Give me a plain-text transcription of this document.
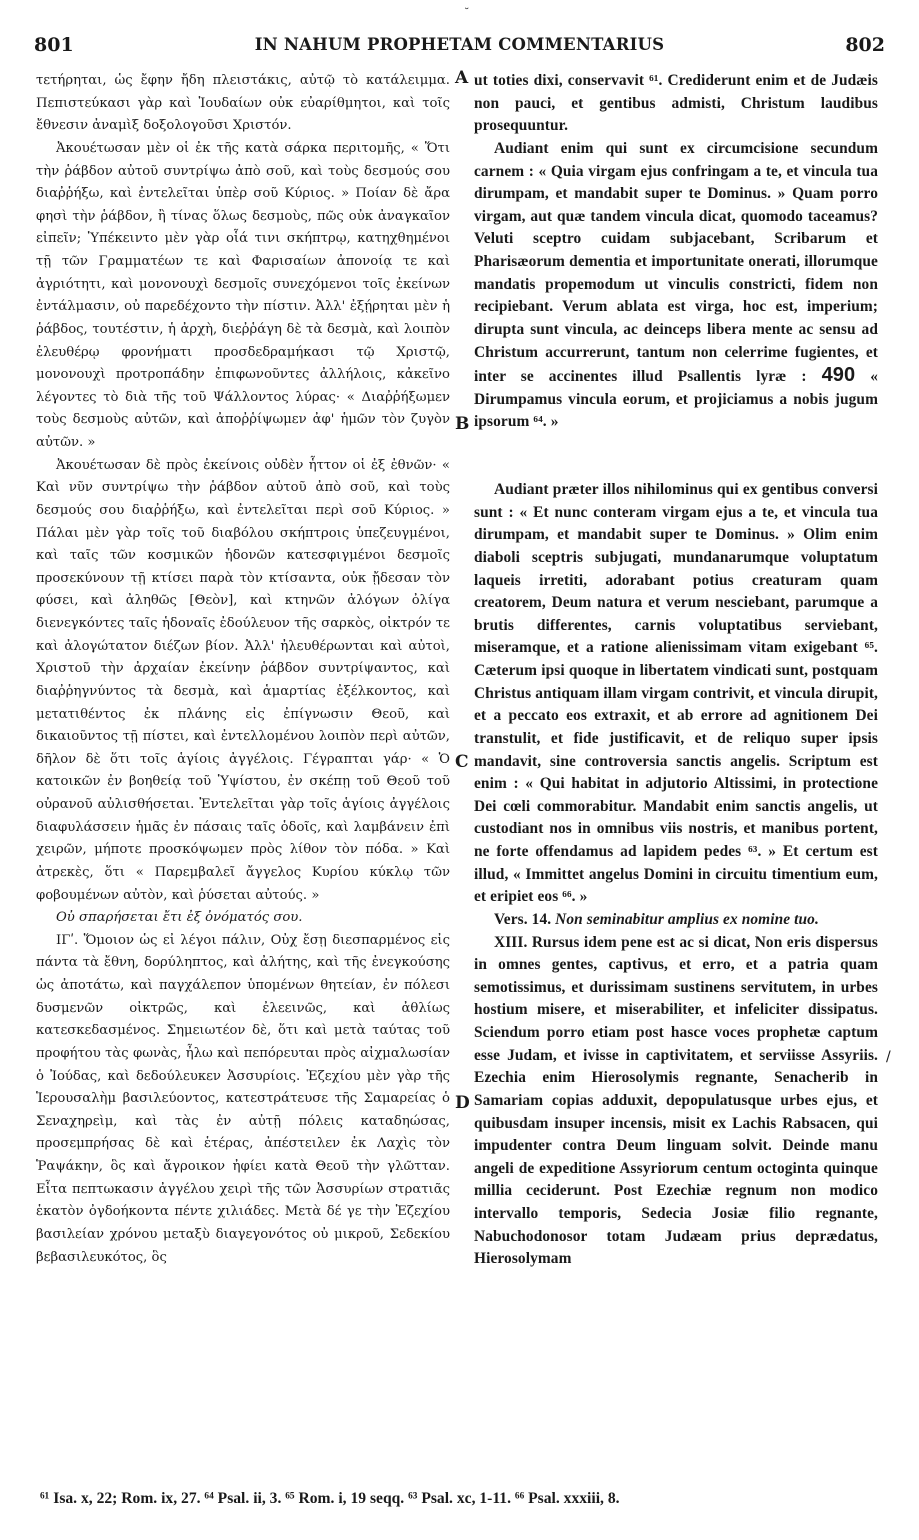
801	IN NAHUM PROPHETAM COMMENTARIUS	802

τετήρηται, ὡς ἔφην ἤδη πλειστάκις, αὐτῷ τὸ κατάλειμμα. Πεπιστεύκασι γὰρ καὶ Ἰουδαίων οὐκ εὐαρίθμητοι, καὶ τοῖς ἔθνεσιν ἀναμὶξ δοξολογοῦσι Χριστόν.

Ἀκουέτωσαν μὲν οἱ ἐκ τῆς κατὰ σάρκα περιτομῆς, « Ὅτι τὴν ῥάβδον αὐτοῦ συντρίψω ἀπὸ σοῦ, καὶ τοὺς δεσμούς σου διαῤῥήξω, καὶ ἐντελεῖται ὑπὲρ σοῦ Κύριος. » Ποίαν δὲ ἄρα φησὶ τὴν ῥάβδον, ἢ τίνας ὅλως δεσμοὺς, πῶς οὐκ ἀναγκαῖον εἰπεῖν; Ὑπέκειντο μὲν γὰρ οἷά τινι σκήπτρῳ, κατηχθημένοι τῇ τῶν Γραμματέων τε καὶ Φαρισαίων ἀπονοίᾳ τε καὶ ἀγριότητι, καὶ μονονουχὶ δεσμοῖς συνεχόμενοι τοῖς ἐκείνων ἐντάλμασιν, οὐ παρεδέχοντο τὴν πίστιν. Ἀλλ' ἐξῄρηται μὲν ἡ ῥάβδος, τουτέστιν, ἡ ἀρχὴ, διεῤῥάγη δὲ τὰ δεσμὰ, καὶ λοιπὸν ἐλευθέρῳ φρονήματι προσδεδραμήκασι τῷ Χριστῷ, μονονουχὶ προτροπάδην ἐπιφωνοῦντες ἀλλήλοις, κἀκεῖνο λέγοντες τὸ διὰ τῆς τοῦ Ψάλλοντος λύρας· « Διαῤῥήξωμεν τοὺς δεσμοὺς αὐτῶν, καὶ ἀποῤῥίψωμεν ἀφ' ἡμῶν τὸν ζυγὸν αὐτῶν. »

Ἀκουέτωσαν δὲ πρὸς ἐκείνοις οὐδὲν ἧττον οἱ ἐξ ἐθνῶν· « Καὶ νῦν συντρίψω τὴν ῥάβδον αὐτοῦ ἀπὸ σοῦ, καὶ τοὺς δεσμούς σου διαῤῥήξω, καὶ ἐντελεῖται περὶ σοῦ Κύριος. » Πάλαι μὲν γὰρ τοῖς τοῦ διαβόλου σκήπτροις ὑπεζευγμένοι, καὶ ταῖς τῶν κοσμικῶν ἡδονῶν κατεσφιγμένοι δεσμοῖς προσεκύνουν τῇ κτίσει παρὰ τὸν κτίσαντα, οὐκ ᾔδεσαν τὸν φύσει, καὶ ἀληθῶς [Θεὸν], καὶ κτηνῶν ἀλόγων ὀλίγα διενεγκόντες ταῖς ἡδοναῖς ἐδούλευον τῆς σαρκὸς, οἰκτρόν τε καὶ ἀλογώτατον διέζων βίον. Ἀλλ' ἠλευθέρωνται καὶ αὐτοὶ, Χριστοῦ τὴν ἀρχαίαν ἐκείνην ῥάβδον συντρίψαντος, καὶ διαῤῥηγνύντος τὰ δεσμὰ, καὶ ἁμαρτίας ἐξέλκοντος, καὶ μετατιθέντος ἐκ πλάνης εἰς ἐπίγνωσιν Θεοῦ, καὶ δικαιοῦντος τῇ πίστει, καὶ ἐντελλομένου λοιπὸν περὶ αὐτῶν, δῆλον δὲ ὅτι τοῖς ἁγίοις ἀγγέλοις. Γέγραπται γάρ· « Ὁ κατοικῶν ἐν βοηθείᾳ τοῦ Ὑψίστου, ἐν σκέπῃ τοῦ Θεοῦ τοῦ οὐρανοῦ αὐλισθήσεται. Ἐντελεῖται γὰρ τοῖς ἁγίοις ἀγγέλοις διαφυλάσσειν ἡμᾶς ἐν πάσαις ταῖς ὁδοῖς, καὶ λαμβάνειν ἐπὶ χειρῶν, μήποτε προσκόψωμεν πρὸς λίθον τὸν πόδα. » Καὶ ἀτρεκὲς, ὅτι « Παρεμβαλεῖ ἄγγελος Κυρίου κύκλῳ τῶν φοβουμένων αὐτὸν, καὶ ῥύσεται αὐτούς. »

Οὐ σπαρήσεται ἔτι ἐξ ὀνόματός σου.

ΙΓʹ. Ὅμοιον ὡς εἰ λέγοι πάλιν, Οὐχ ἔσῃ διεσπαρμένος εἰς πάντα τὰ ἔθνη, δορύληπτος, καὶ ἀλήτης, καὶ τῆς ἐνεγκούσης ὡς ἀποτάτω, καὶ παγχάλεπον ὑπομένων θητείαν, ἐν πόλεσι δυσμενῶν οἰκτρῶς, καὶ ἐλεεινῶς, καὶ ἀθλίως κατεσκεδασμένος. Σημειωτέον δὲ, ὅτι καὶ μετὰ ταύτας τοῦ προφήτου τὰς φωνὰς, ἦλω καὶ πεπόρευται πρὸς αἰχμαλωσίαν ὁ Ἰούδας, καὶ δεδούλευκεν Ἀσσυρίοις. Ἐζεχίου μὲν γὰρ τῆς Ἱερουσαλὴμ βασιλεύοντος, κατεστράτευσε τῆς Σαμαρείας ὁ Σεναχηρεὶμ, καὶ τὰς ἐν αὐτῇ πόλεις καταδηώσας, προσεμπρήσας δὲ καὶ ἑτέρας, ἀπέστειλεν ἐκ Λαχὶς τὸν Ῥαψάκην, ὃς καὶ ἄγροικον ἠφίει κατὰ Θεοῦ τὴν γλῶτταν. Εἶτα πεπτωκασιν ἀγγέλου χειρὶ τῆς τῶν Ἀσσυρίων στρατιᾶς ἑκατὸν ὀγδοήκοντα πέντε χιλιάδες. Μετὰ δέ γε τὴν Ἐζεχίου βασιλείαν χρόνου μεταξὺ διαγεγονότος οὐ μικροῦ, Σεδεκίου βεβασιλευκότος, ὃς

A
B
C
D

ut toties dixi, conservavit ⁶¹. Crediderunt enim et de Judæis non pauci, et gentibus admisti, Christum laudibus prosequuntur.

Audiant enim qui sunt ex circumcisione secundum carnem : « Quia virgam ejus confringam a te, et vincula tua dirumpam, et mandabit super te Dominus. » Quam porro virgam, aut quæ tandem vincula dicat, quomodo taceamus? Veluti sceptro cuidam subjacebant, Scribarum et Pharisæorum dementia et importunitate onerati, illorumque mandatis propemodum ut vinculis constricti, fidem non recipiebant. Verum ablata est virga, hoc est, imperium; dirupta sunt vincula, ac deinceps libera mente ac sensu ad Christum accurrerunt, tantum non celerrime fugientes, et inter se accinentes illud Psallentis lyræ : 490 « Dirumpamus vincula eorum, et projiciamus a nobis jugum ipsorum ⁶⁴. »

Audiant præter illos nihilominus qui ex gentibus conversi sunt : « Et nunc conteram virgam ejus a te, et vincula tua dirumpam, et mandabit super te Dominus. » Olim enim diaboli sceptris subjugati, mundanarumque voluptatum laqueis irretiti, adorabant potius creaturam quam creatorem, Deum natura et verum nesciebant, parumque a brutis differentes, carnis voluptatibus serviebant, miseramque, et a ratione alienissimam vitam exigebant ⁶⁵. Cæterum ipsi quoque in libertatem vindicati sunt, postquam Christus antiquam illam virgam contrivit, et vincula dirupit, et a peccato eos extraxit, et ab errore ad agnitionem Dei transtulit, et fide justificavit, et de reliquo super ipsis mandavit, sine controversia sanctis angelis. Scriptum est enim : « Qui habitat in adjutorio Altissimi, in protectione Dei cœli commorabitur. Mandabit enim sanctis angelis, ut custodiant nos in omnibus viis nostris, et manibus portent, ne forte offendamus ad lapidem pedes ⁶³. » Et certum est illud, « Immittet angelus Domini in circuitu timentium eum, et eripiet eos ⁶⁶. »

Vers. 14. Non seminabitur amplius ex nomine tuo.

XIII. Rursus idem pene est ac si dicat, Non eris dispersus in omnes gentes, captivus, et erro, et a patria quam semotissimus, et durissimam sustinens servitutem, in urbes hostium misere, et miserabiliter, et infeliciter dissipatus. Sciendum porro etiam post hasce voces prophetæ captum esse Judam, et ivisse in captivitatem, et serviisse Assyriis. Ezechia enim Hierosolymis regnante, Senacherib in Samariam copias adduxit, depopulatusque urbes ejus, et quibusdam insuper incensis, misit ex Lachis Rabsacen, qui impudenter contra Deum linguam solvit. Deinde manu angeli de expeditione Assyriorum centum octoginta quinque millia ceciderunt. Post Ezechiæ regnum non modico intervallo temporis, Sedecia Josiæ filio regnante, Nabuchodonosor totam Judæam prius deprædatus, Hierosolymam

˘
/
⁶¹ Isa. x, 22; Rom. ix, 27. ⁶⁴ Psal. ii, 3. ⁶⁵ Rom. i, 19 seqq. ⁶³ Psal. xc, 1-11. ⁶⁶ Psal. xxxiii, 8.
